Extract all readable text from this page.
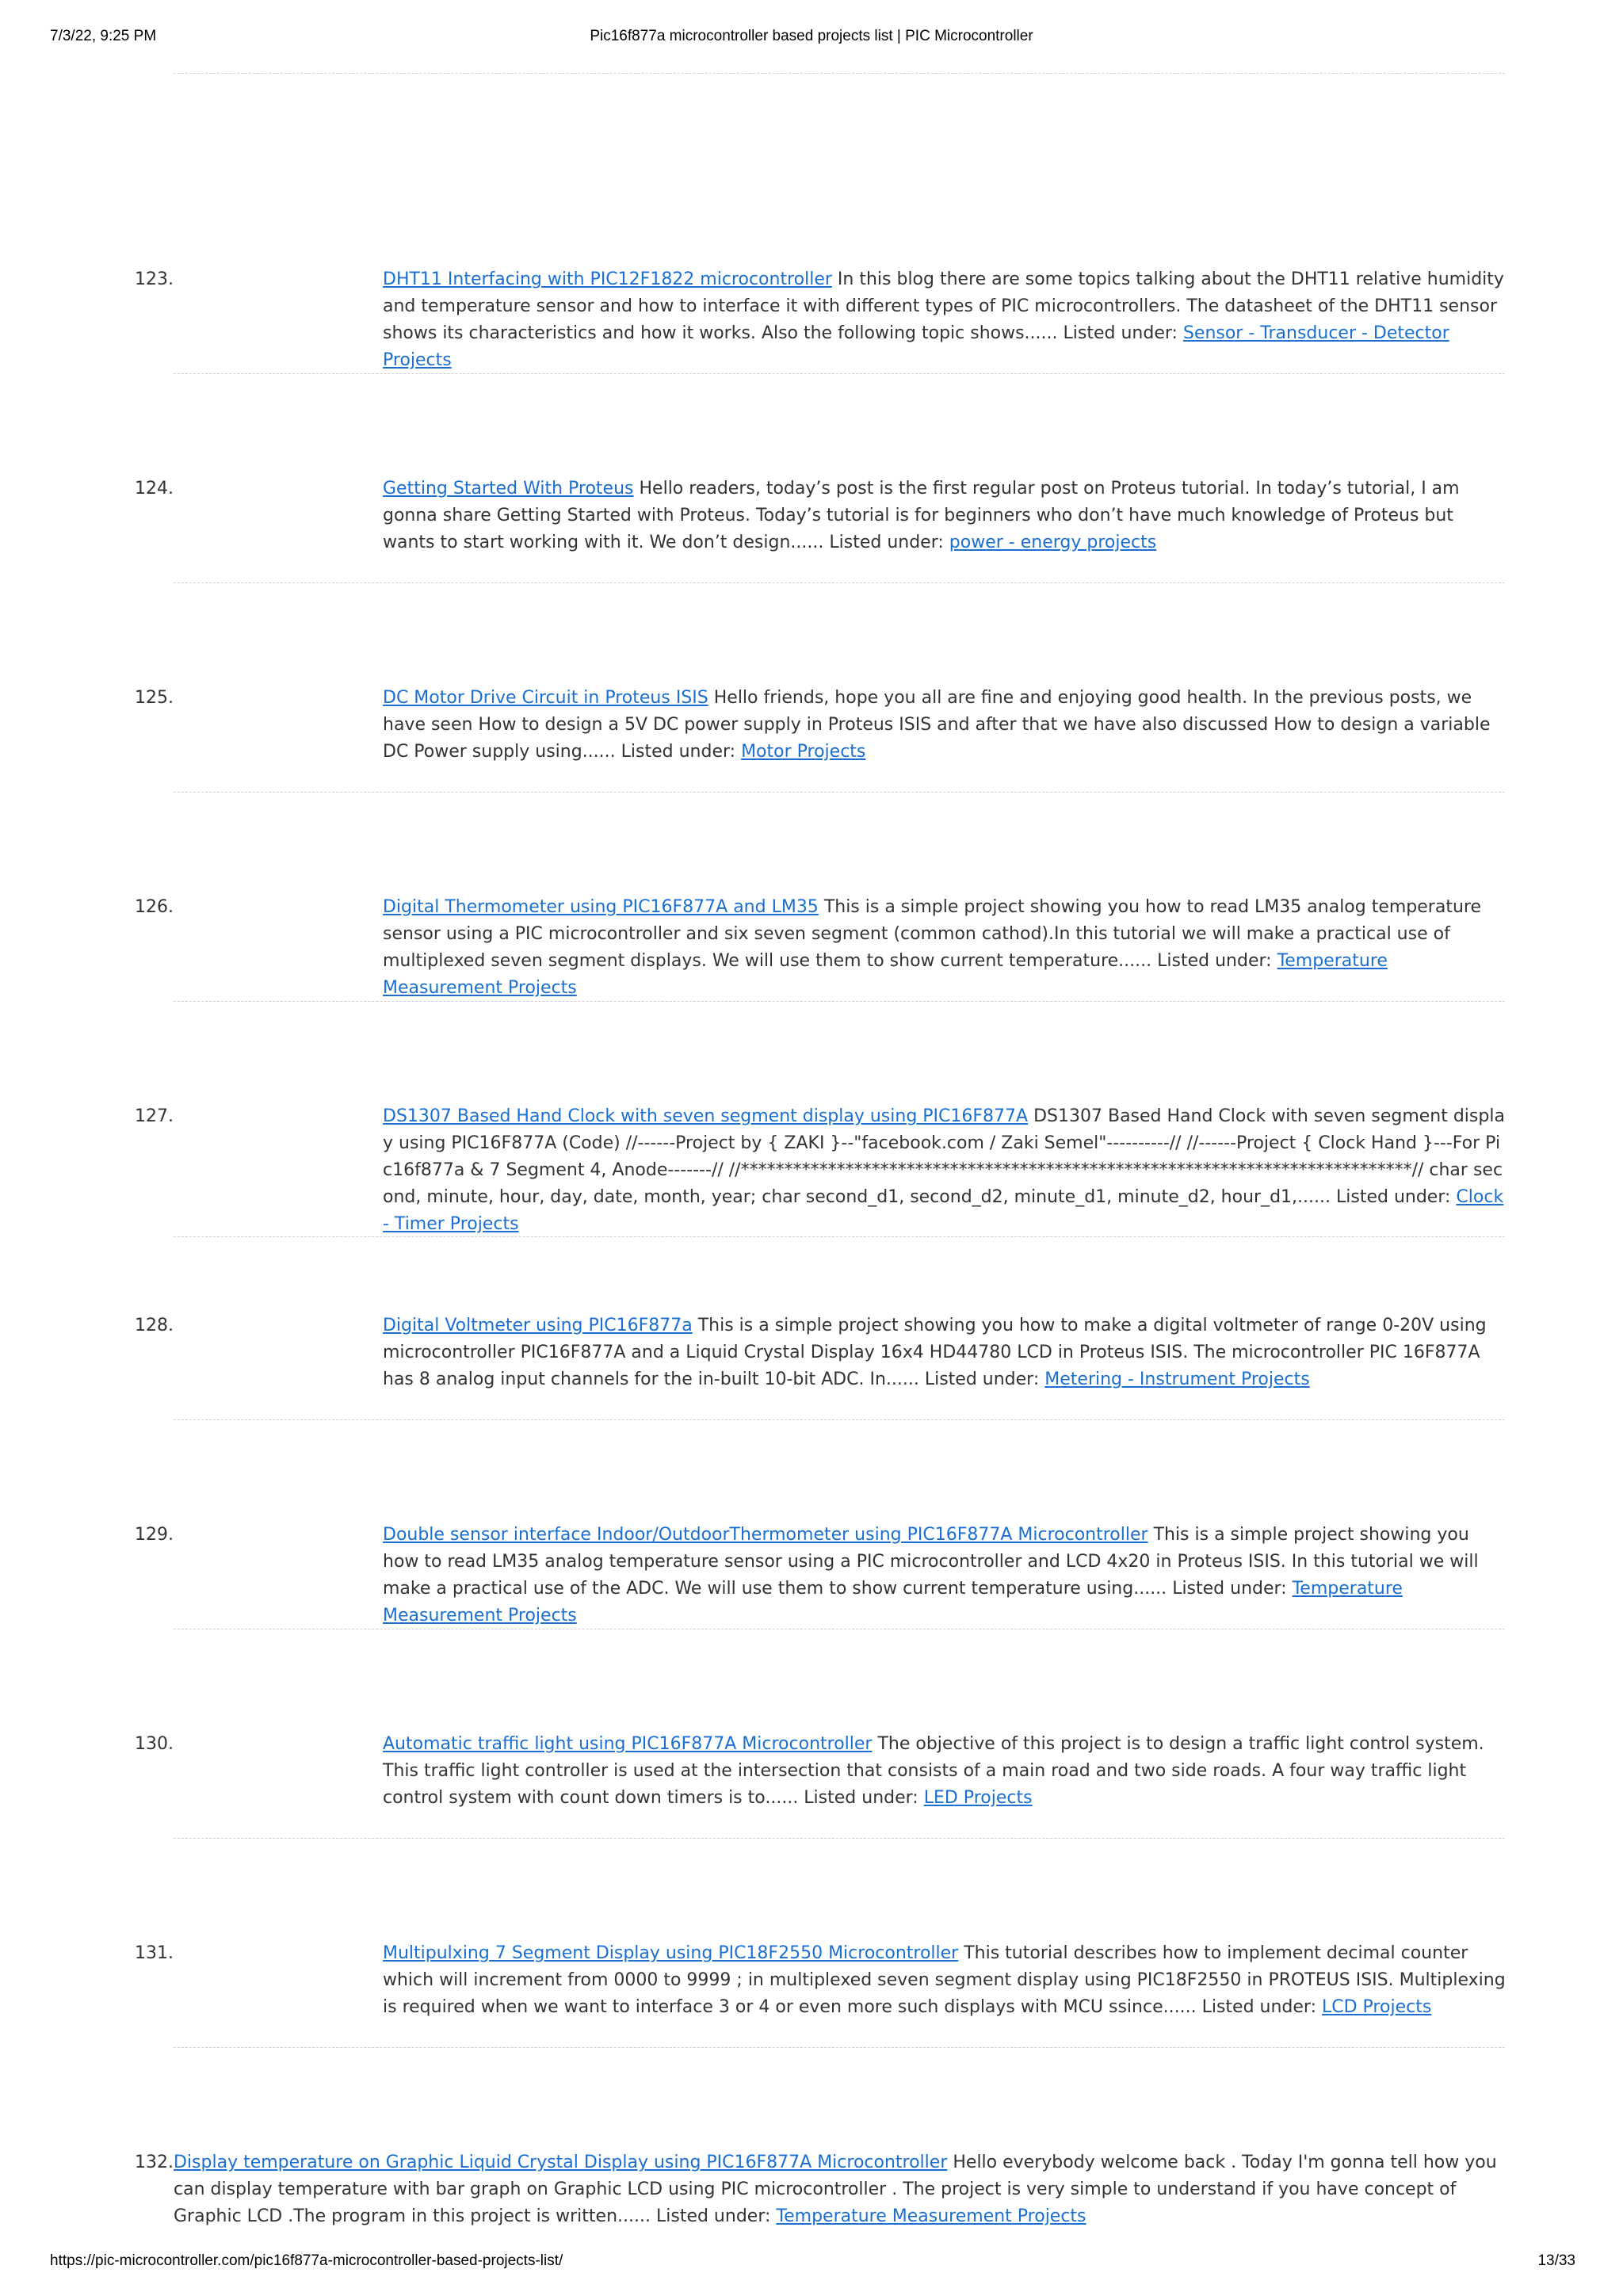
7/3/22, 9:25 PM	Pic16f877a microcontroller based projects list | PIC Microcontroller
123.	DHT11 Interfacing with PIC12F1822 microcontroller In this blog there are some topics talking about the DHT11 relative humidity and temperature sensor and how to interface it with different types of PIC microcontrollers. The datasheet of the DHT11 sensor shows its characteristics and how it works. Also the following topic shows...... Listed under: Sensor - Transducer - Detector Projects
124.	Getting Started With Proteus Hello readers, today’s post is the first regular post on Proteus tutorial. In today’s tutorial, I am gonna share Getting Started with Proteus. Today’s tutorial is for beginners who don’t have much knowledge of Proteus but wants to start working with it. We don’t design...... Listed under: power - energy projects
125.	DC Motor Drive Circuit in Proteus ISIS Hello friends, hope you all are fine and enjoying good health. In the previous posts, we have seen How to design a 5V DC power supply in Proteus ISIS and after that we have also discussed How to design a variable DC Power supply using...... Listed under: Motor Projects
126.	Digital Thermometer using PIC16F877A and LM35 This is a simple project showing you how to read LM35 analog temperature sensor using a PIC microcontroller and six seven segment (common cathod).In this tutorial we will make a practical use of multiplexed seven segment displays. We will use them to show current temperature...... Listed under: Temperature Measurement Projects
127.	DS1307 Based Hand Clock with seven segment display using PIC16F877A DS1307 Based Hand Clock with seven segment display using PIC16F877A (Code) //------Project by { ZAKI }--"facebook.com / Zaki Semel"----------// //------Project { Clock Hand }---For Pic16f877a & 7 Segment 4, Anode-------// //*****************************************************************************// char second, minute, hour, day, date, month, year; char second_d1, second_d2, minute_d1, minute_d2, hour_d1,...... Listed under: Clock - Timer Projects
128.	Digital Voltmeter using PIC16F877a This is a simple project showing you how to make a digital voltmeter of range 0-20V using microcontroller PIC16F877A and a Liquid Crystal Display 16x4 HD44780 LCD in Proteus ISIS. The microcontroller PIC 16F877A has 8 analog input channels for the in-built 10-bit ADC. In...... Listed under: Metering - Instrument Projects
129.	Double sensor interface Indoor/OutdoorThermometer using PIC16F877A Microcontroller This is a simple project showing you how to read LM35 analog temperature sensor using a PIC microcontroller and LCD 4x20 in Proteus ISIS. In this tutorial we will make a practical use of the ADC. We will use them to show current temperature using...... Listed under: Temperature Measurement Projects
130.	Automatic traffic light using PIC16F877A Microcontroller The objective of this project is to design a traffic light control system. This traffic light controller is used at the intersection that consists of a main road and two side roads. A four way traffic light control system with count down timers is to...... Listed under: LED Projects
131.	Multipulxing 7 Segment Display using PIC18F2550 Microcontroller This tutorial describes how to implement decimal counter which will increment from 0000 to 9999 ; in multiplexed seven segment display using PIC18F2550 in PROTEUS ISIS. Multiplexing is required when we want to interface 3 or 4 or even more such displays with MCU ssince...... Listed under: LCD Projects
132. Display temperature on Graphic Liquid Crystal Display using PIC16F877A Microcontroller Hello everybody welcome back . Today I'm gonna tell how you can display temperature with bar graph on Graphic LCD using PIC microcontroller . The project is very simple to understand if you have concept of Graphic LCD .The program in this project is written...... Listed under: Temperature Measurement Projects
https://pic-microcontroller.com/pic16f877a-microcontroller-based-projects-list/	13/33
